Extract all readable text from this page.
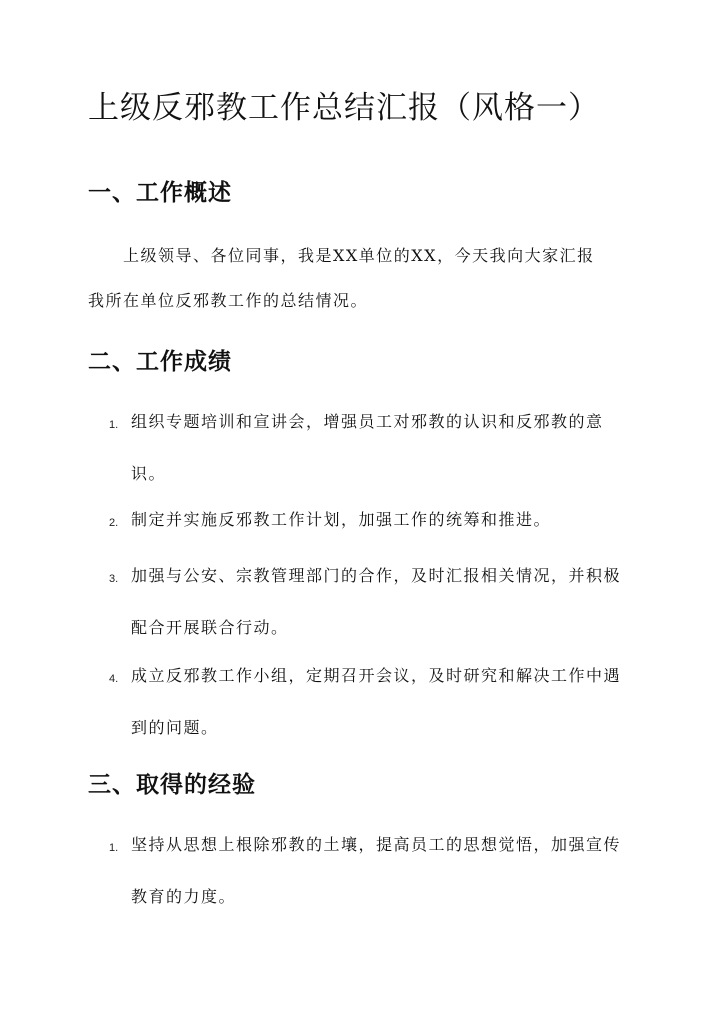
上级反邪教工作总结汇报（风格一）
一、工作概述
上级领导、各位同事，我是XX单位的XX，今天我向大家汇报
我所在单位反邪教工作的总结情况。
二、工作成绩
1. 组织专题培训和宣讲会，增强员工对邪教的认识和反邪教的意识。

2. 制定并实施反邪教工作计划，加强工作的统筹和推进。

3. 加强与公安、宗教管理部门的合作，及时汇报相关情况，并积极配合开展联合行动。

4. 成立反邪教工作小组，定期召开会议，及时研究和解决工作中遇到的问题。

三、取得的经验
1. 坚持从思想上根除邪教的土壤，提高员工的思想觉悟，加强宣传教育的力度。
